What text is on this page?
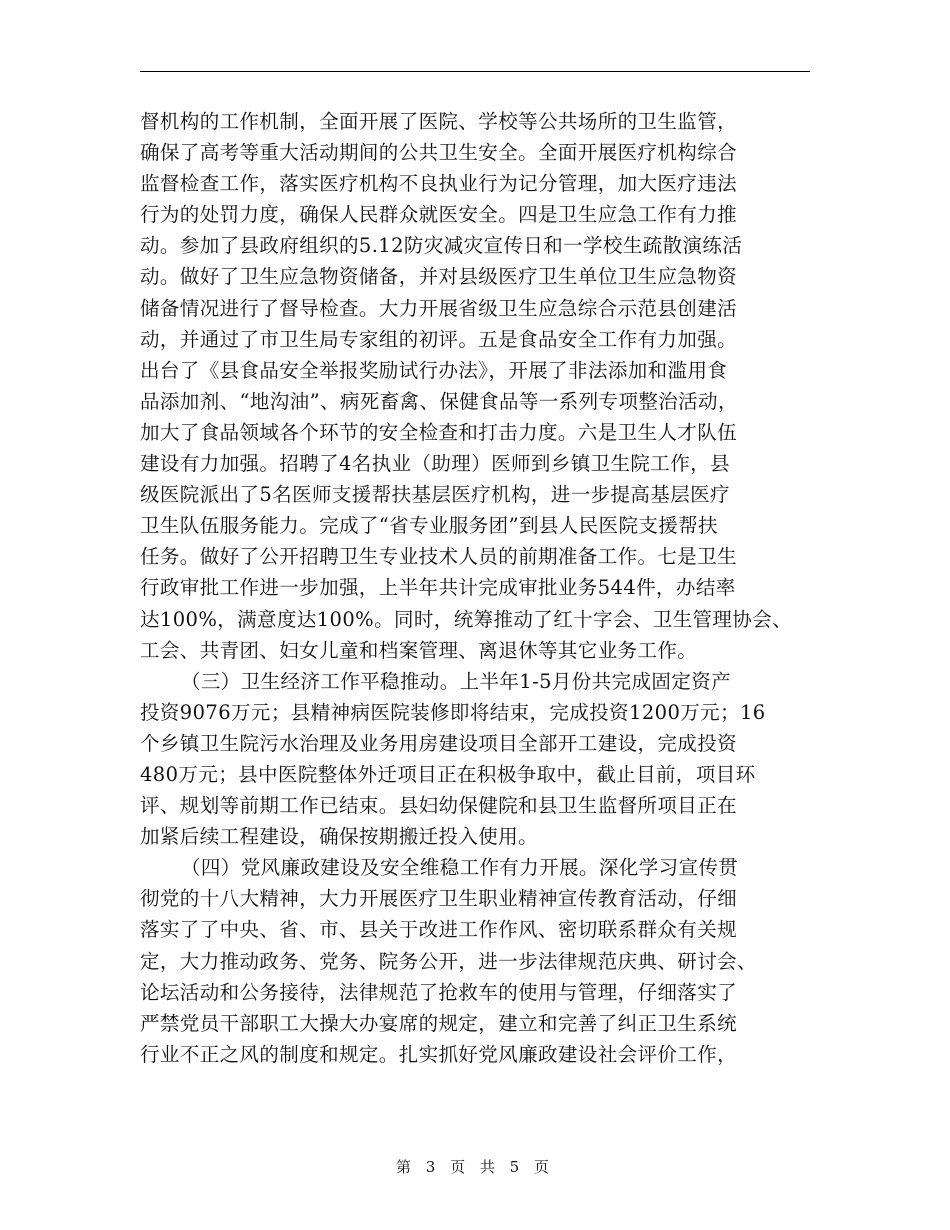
督机构的工作机制，全面开展了医院、学校等公共场所的卫生监管，
确保了高考等重大活动期间的公共卫生安全。全面开展医疗机构综合
监督检查工作，落实医疗机构不良执业行为记分管理，加大医疗违法
行为的处罚力度，确保人民群众就医安全。四是卫生应急工作有力推
动。参加了县政府组织的5.12防灾减灾宣传日和一学校生疏散演练活
动。做好了卫生应急物资储备，并对县级医疗卫生单位卫生应急物资
储备情况进行了督导检查。大力开展省级卫生应急综合示范县创建活
动，并通过了市卫生局专家组的初评。五是食品安全工作有力加强。
出台了《县食品安全举报奖励试行办法》，开展了非法添加和滥用食
品添加剂、“地沟油”、病死畜禽、保健食品等一系列专项整治活动，
加大了食品领域各个环节的安全检查和打击力度。六是卫生人才队伍
建设有力加强。招聘了4名执业（助理）医师到乡镇卫生院工作，县
级医院派出了5名医师支援帮扶基层医疗机构，进一步提高基层医疗
卫生队伍服务能力。完成了“省专业服务团”到县人民医院支援帮扶
任务。做好了公开招聘卫生专业技术人员的前期准备工作。七是卫生
行政审批工作进一步加强，上半年共计完成审批业务544件，办结率
达100%，满意度达100%。同时，统筹推动了红十字会、卫生管理协会、
工会、共青团、妇女儿童和档案管理、离退休等其它业务工作。
（三）卫生经济工作平稳推动。上半年1-5月份共完成固定资产
投资9076万元；县精神病医院装修即将结束，完成投资1200万元；16
个乡镇卫生院污水治理及业务用房建设项目全部开工建设，完成投资
480万元；县中医院整体外迁项目正在积极争取中，截止目前，项目环
评、规划等前期工作已结束。县妇幼保健院和县卫生监督所项目正在
加紧后续工程建设，确保按期搬迁投入使用。
（四）党风廉政建设及安全维稳工作有力开展。深化学习宣传贯
彻党的十八大精神，大力开展医疗卫生职业精神宣传教育活动，仔细
落实了了中央、省、市、县关于改进工作作风、密切联系群众有关规
定，大力推动政务、党务、院务公开，进一步法律规范庆典、研讨会、
论坛活动和公务接待，法律规范了抢救车的使用与管理，仔细落实了
严禁党员干部职工大操大办宴席的规定，建立和完善了纠正卫生系统
行业不正之风的制度和规定。扎实抓好党风廉政建设社会评价工作，
第 3 页 共 5 页
